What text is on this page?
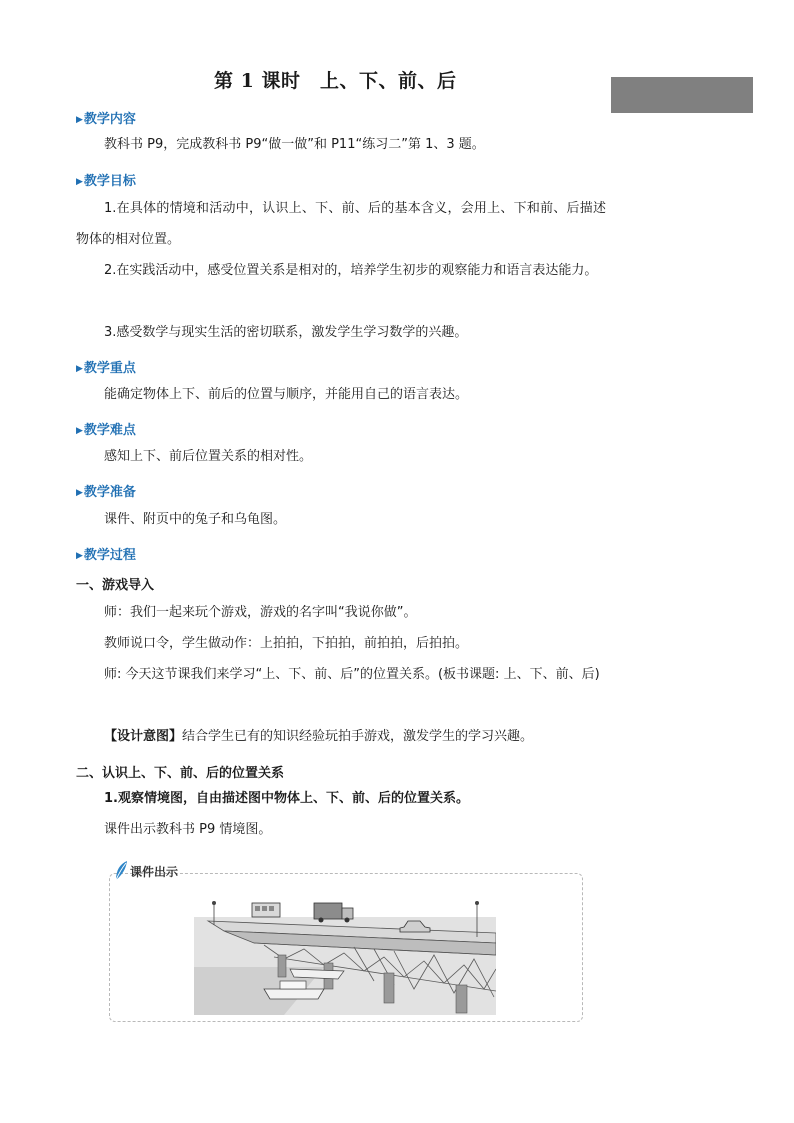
第 1 课时　上、下、前、后
▶教学内容
教科书 P9，完成教科书 P9“做一做”和 P11“练习二”第 1、3 题。
▶教学目标
1.在具体的情境和活动中，认识上、下、前、后的基本含义，会用上、下和前、后描述物体的相对位置。
2.在实践活动中，感受位置关系是相对的，培养学生初步的观察能力和语言表达能力。
3.感受数学与现实生活的密切联系，激发学生学习数学的兴趣。
▶教学重点
能确定物体上下、前后的位置与顺序，并能用自己的语言表达。
▶教学难点
感知上下、前后位置关系的相对性。
▶教学准备
课件、附页中的兔子和乌龟图。
▶教学过程
一、游戏导入
师：我们一起来玩个游戏，游戏的名字叫“我说你做”。
教师说口令，学生做动作：上拍拍，下拍拍，前拍拍，后拍拍。
师: 今天这节课我们来学习“上、下、前、后”的位置关系。(板书课题: 上、下、前、后)
【设计意图】结合学生已有的知识经验玩拍手游戏，激发学生的学习兴趣。
二、认识上、下、前、后的位置关系
1.观察情境图，自由描述图中物体上、下、前、后的位置关系。
课件出示教科书 P9 情境图。
课件出示
